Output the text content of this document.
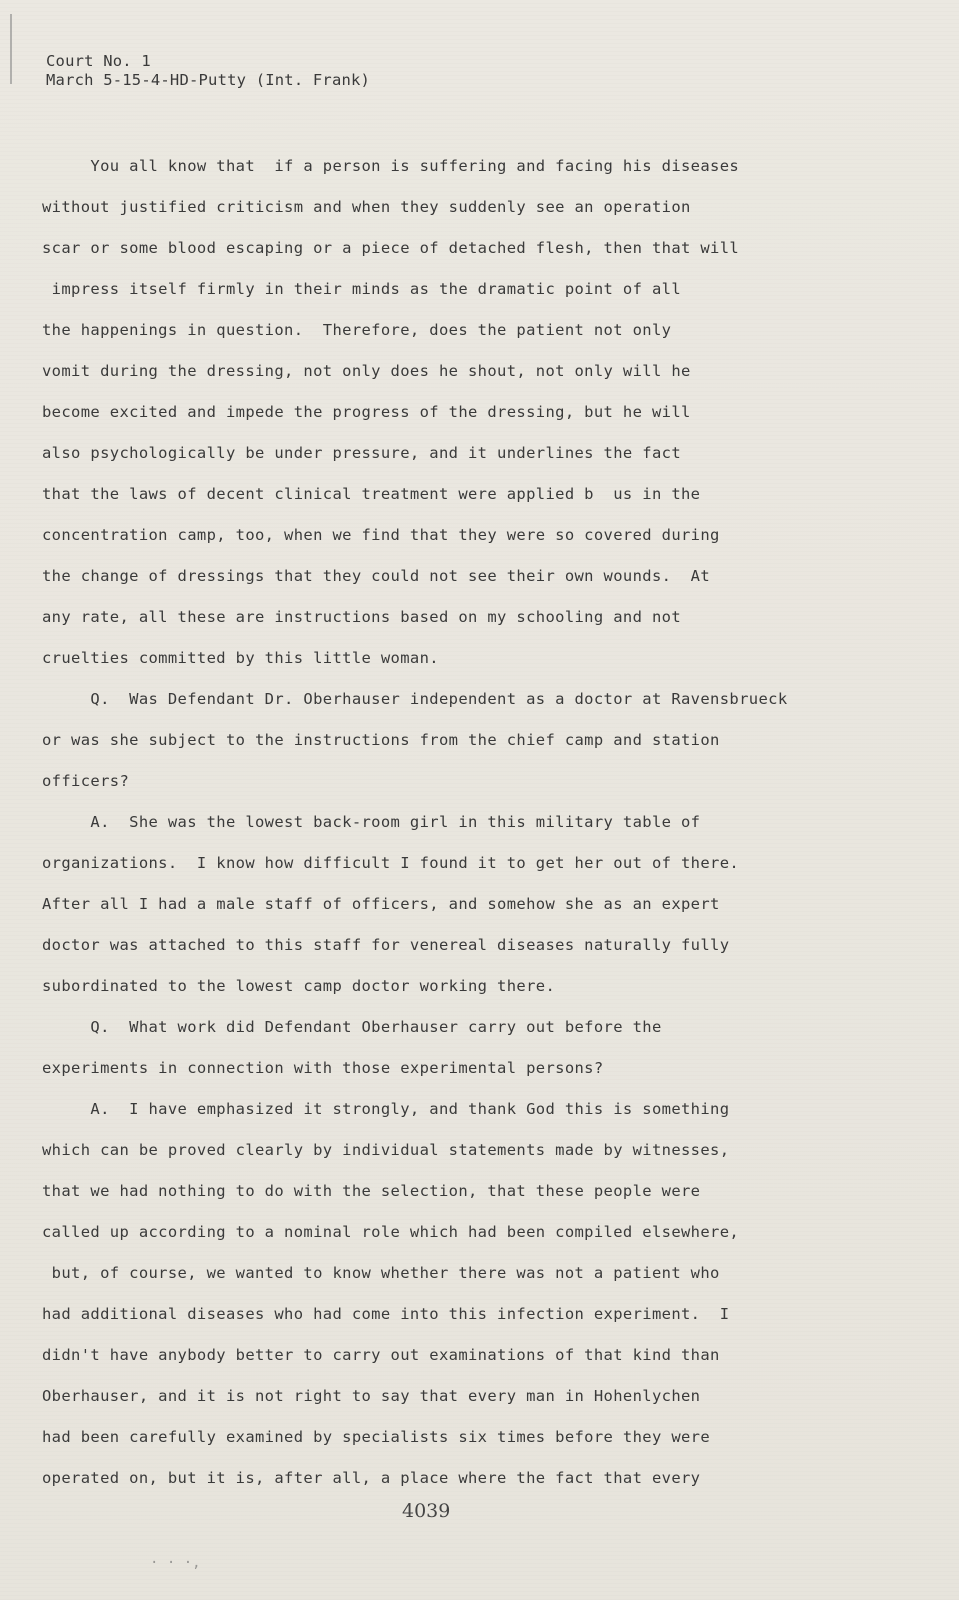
Court No. 1
March 5-15-4-HD-Putty (Int. Frank)
You all know that  if a person is suffering and facing his diseases
without justified criticism and when they suddenly see an operation
scar or some blood escaping or a piece of detached flesh, then that will
impress itself firmly in their minds as the dramatic point of all
the happenings in question.  Therefore, does the patient not only
vomit during the dressing, not only does he shout, not only will he
become excited and impede the progress of the dressing, but he will
also psychologically be under pressure, and it underlines the fact
that the laws of decent clinical treatment were applied b  us in the
concentration camp, too, when we find that they were so covered during
the change of dressings that they could not see their own wounds.  At
any rate, all these are instructions based on my schooling and not
cruelties committed by this little woman.
Q.  Was Defendant Dr. Oberhauser independent as a doctor at Ravensbrueck
or was she subject to the instructions from the chief camp and station
officers?
A.  She was the lowest back-room girl in this military table of
organizations.  I know how difficult I found it to get her out of there.
After all I had a male staff of officers, and somehow she as an expert
doctor was attached to this staff for venereal diseases naturally fully
subordinated to the lowest camp doctor working there.
Q.  What work did Defendant Oberhauser carry out before the
experiments in connection with those experimental persons?
A.  I have emphasized it strongly, and thank God this is something
which can be proved clearly by individual statements made by witnesses,
that we had nothing to do with the selection, that these people were
called up according to a nominal role which had been compiled elsewhere,
but, of course, we wanted to know whether there was not a patient who
had additional diseases who had come into this infection experiment.  I
didn't have anybody better to carry out examinations of that kind than
Oberhauser, and it is not right to say that every man in Hohenlychen
had been carefully examined by specialists six times before they were
operated on, but it is, after all, a place where the fact that every
4039
· · ·,
